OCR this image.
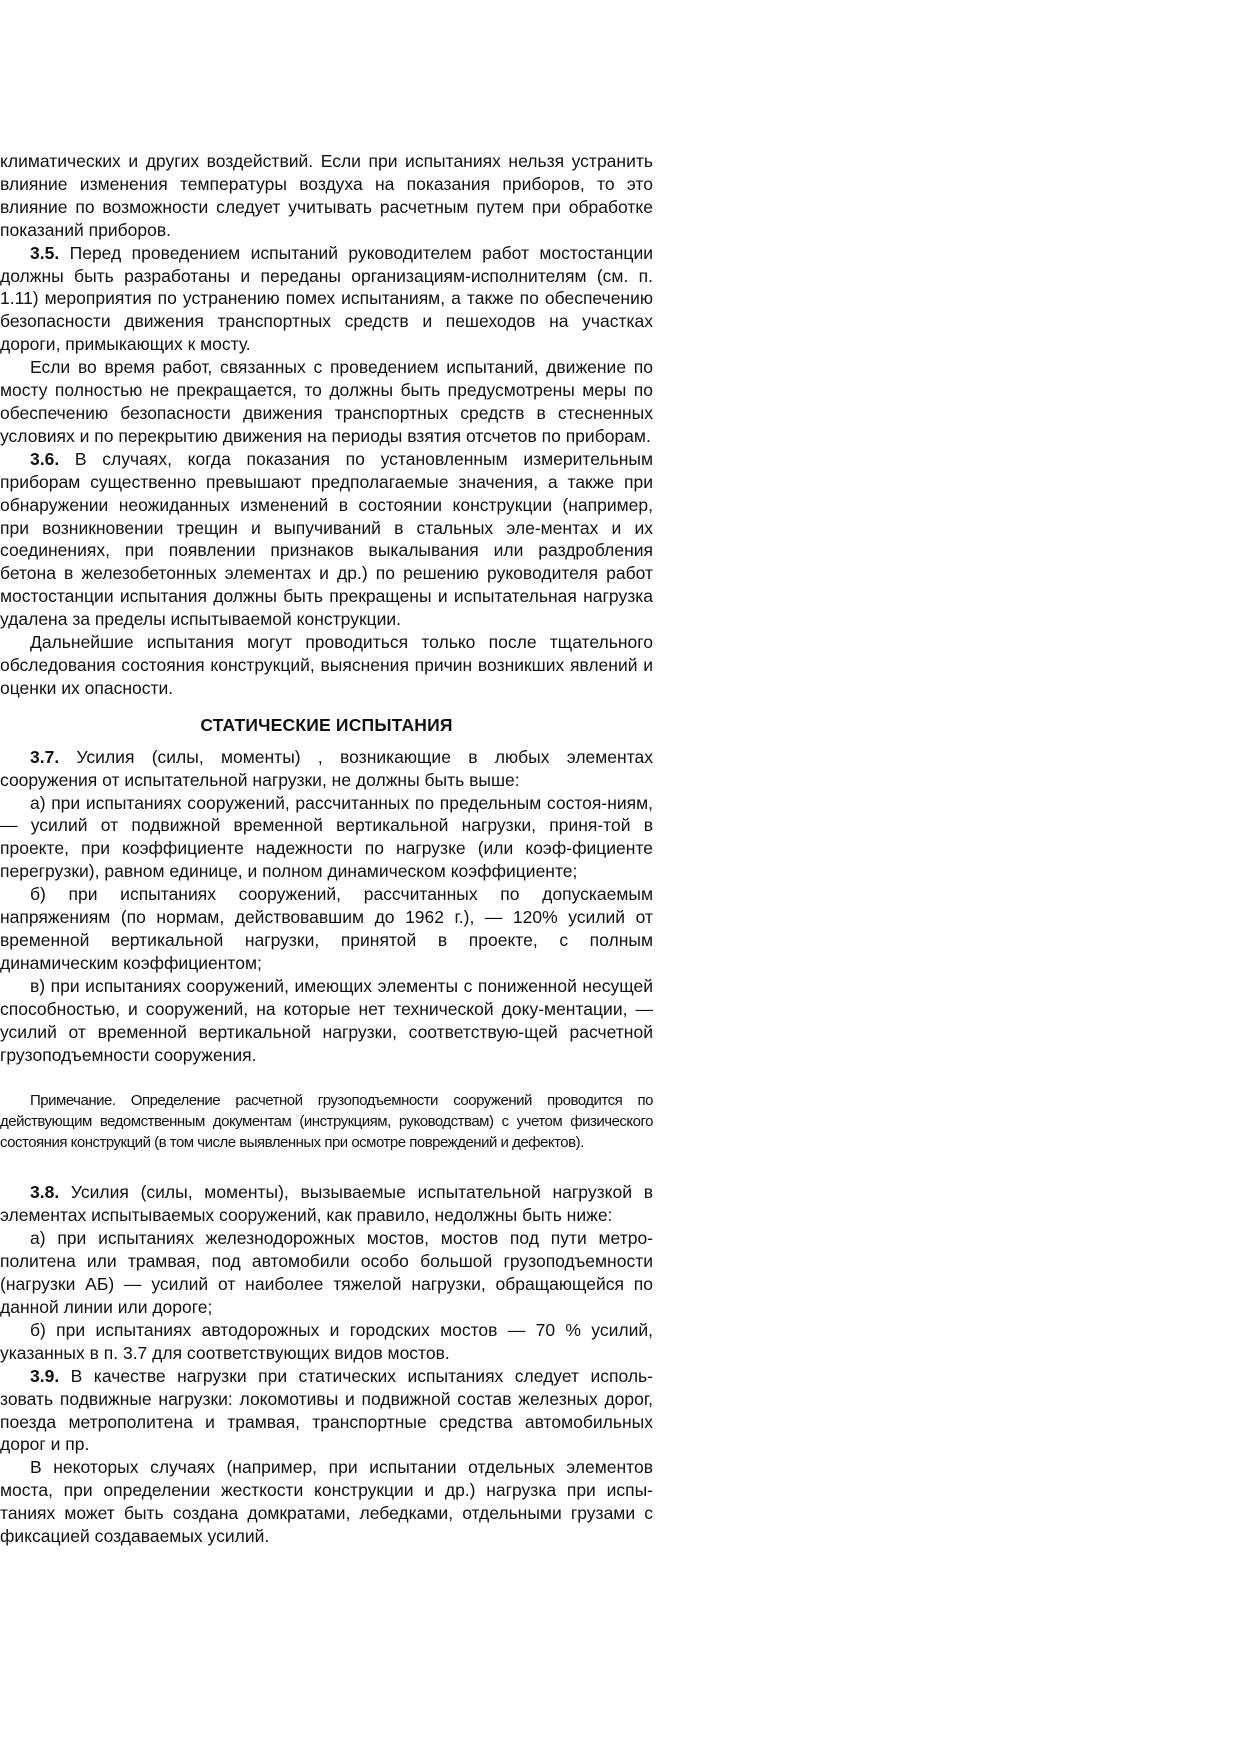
климатических и других воздействий. Если при испытаниях нельзя устранить влияние изменения температуры воздуха на показания приборов, то это влияние по возможности следует учитывать расчетным путем при обработке показаний приборов.

3.5. Перед проведением испытаний руководителем работ мостостанции должны быть разработаны и переданы организациям-исполнителям (см. п. 1.11) мероприятия по устранению помех испытаниям, а также по обеспечению безопасности движения транспортных средств и пешеходов на участках дороги, примыкающих к мосту.

Если во время работ, связанных с проведением испытаний, движение по мосту полностью не прекращается, то должны быть предусмотрены меры по обеспечению безопасности движения транспортных средств в стесненных условиях и по перекрытию движения на периоды взятия отсчетов по приборам.

3.6. В случаях, когда показания по установленным измерительным приборам существенно превышают предполагаемые значения, а также при обнаружении неожиданных изменений в состоянии конструкции (например, при возникновении трещин и выпучиваний в стальных эле-ментах и их соединениях, при появлении признаков выкалывания или раздробления бетона в железобетонных элементах и др.) по решению руководителя работ мостостанции испытания должны быть прекращены и испытательная нагрузка удалена за пределы испытываемой конструкции.

Дальнейшие испытания могут проводиться только после тщательного обследования состояния конструкций, выяснения причин возникших явлений и оценки их опасности.

СТАТИЧЕСКИЕ ИСПЫТАНИЯ

3.7. Усилия (силы, моменты) , возникающие в любых элементах сооружения от испытательной нагрузки, не должны быть выше:

а) при испытаниях сооружений, рассчитанных по предельным состоя-ниям, — усилий от подвижной временной вертикальной нагрузки, приня-той в проекте, при коэффициенте надежности по нагрузке (или коэф-фициенте перегрузки), равном единице, и полном динамическом коэффициенте;

б) при испытаниях сооружений, рассчитанных по допускаемым напряжениям (по нормам, действовавшим до 1962 г.), — 120% усилий от временной вертикальной нагрузки, принятой в проекте, с полным динамическим коэффициентом;

в) при испытаниях сооружений, имеющих элементы с пониженной несущей способностью, и сооружений, на которые нет технической доку-ментации, — усилий от временной вертикальной нагрузки, соответствую-щей расчетной грузоподъемности сооружения.

Примечание. Определение расчетной грузоподъемности сооружений проводится по действующим ведомственным документам (инструкциям, руководствам) с учетом физического состояния конструкций (в том числе выявленных при осмотре повреждений и дефектов).

3.8. Усилия (силы, моменты), вызываемые испытательной нагрузкой в элементах испытываемых сооружений, как правило, недолжны быть ниже:

а) при испытаниях железнодорожных мостов, мостов под пути метро-политена или трамвая, под автомобили особо большой грузоподъемности (нагрузки АБ) — усилий от наиболее тяжелой нагрузки, обращающейся по данной линии или дороге;

б) при испытаниях автодорожных и городских мостов — 70 % усилий, указанных в п. 3.7 для соответствующих видов мостов.

3.9. В качестве нагрузки при статических испытаниях следует исполь-зовать подвижные нагрузки: локомотивы и подвижной состав железных дорог, поезда метрополитена и трамвая, транспортные средства автомобильных дорог и пр.

В некоторых случаях (например, при испытании отдельных элементов моста, при определении жесткости конструкции и др.) нагрузка при испы-таниях может быть создана домкратами, лебедками, отдельными грузами с фиксацией создаваемых усилий.
